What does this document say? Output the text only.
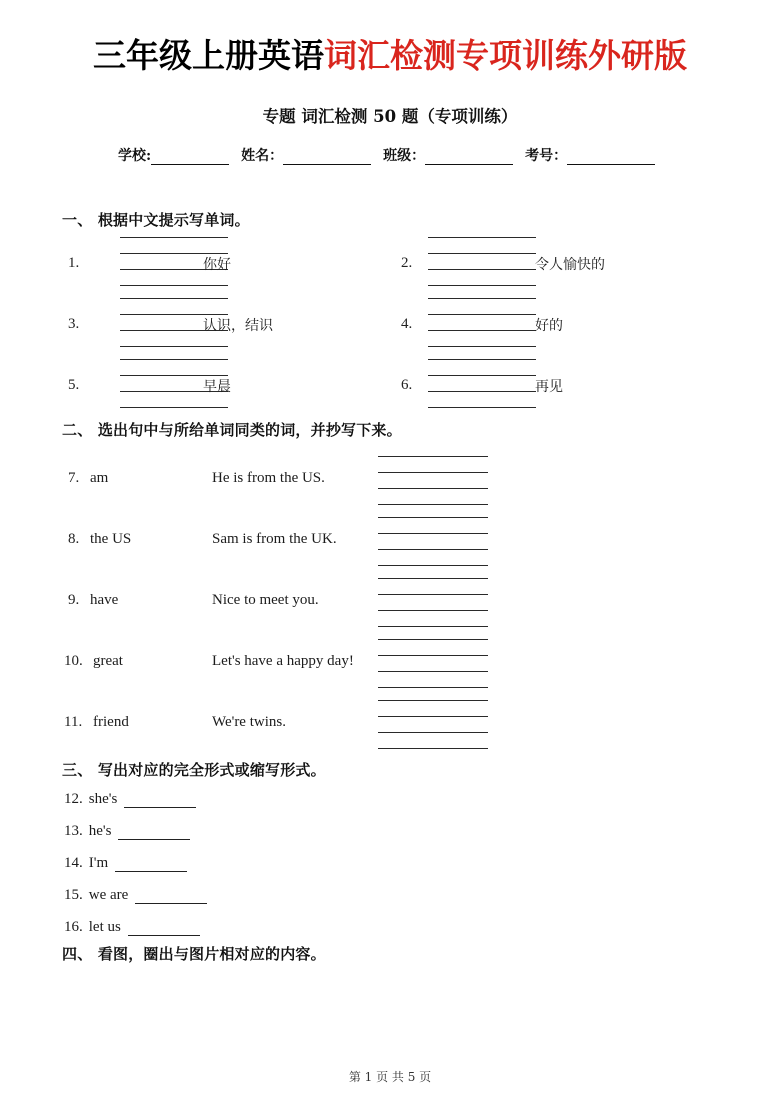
三年级上册英语词汇检测专项训练外研版
专题 词汇检测 50 题（专项训练）
学校:	姓名：	班级：	考号：
一、 根据中文提示写单词。
1.	你好	2.	令人愉快的
3.	认识，结识	4.	好的
5.	早晨	6.	再见
二、 选出句中与所给单词同类的词，并抄写下来。
7. am	He is from the US.
8. the US	Sam is from the UK.
9. have	Nice to meet you.
10. great	Let's have a happy day!
11. friend	We're twins.
三、 写出对应的完全形式或缩写形式。
12. she's
13. he's
14. I'm
15. we are
16. let us
四、 看图，圈出与图片相对应的内容。
第 1 页 共 5 页
